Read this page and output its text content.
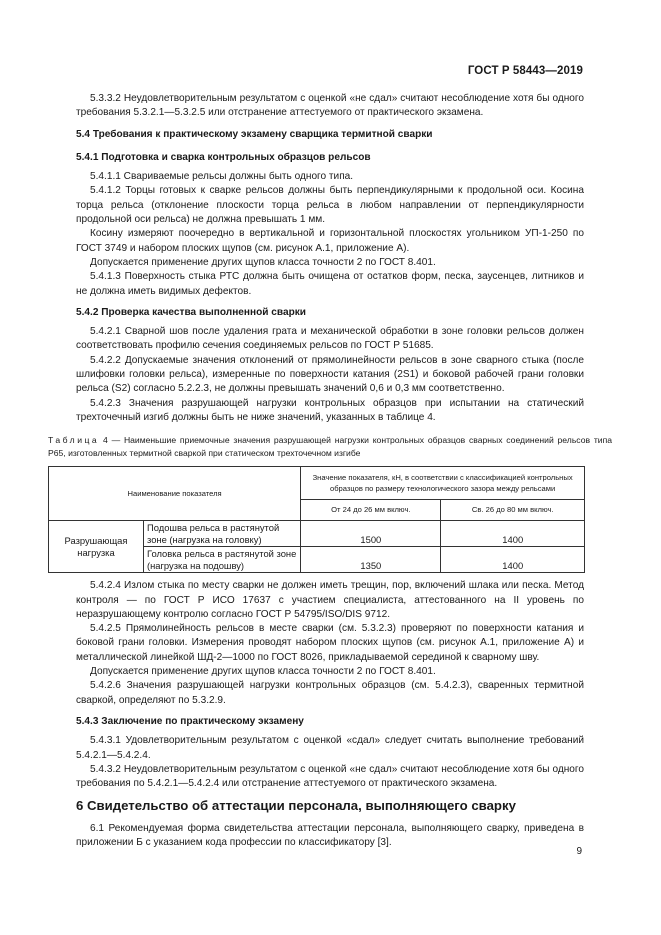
ГОСТ Р 58443—2019

5.3.3.2 Неудовлетворительным результатом с оценкой «не сдал» считают несоблюдение хотя бы одного требования 5.3.2.1—5.3.2.5 или отстранение аттестуемого от практического экзамена.

5.4 Требования к практическому экзамену сварщика термитной сварки
5.4.1 Подготовка и сварка контрольных образцов рельсов

5.4.1.1 Свариваемые рельсы должны быть одного типа.

5.4.1.2 Торцы готовых к сварке рельсов должны быть перпендикулярными к продольной оси. Косина торца рельса (отклонение плоскости торца рельса в любом направлении от перпендикулярности продольной оси рельса) не должна превышать 1 мм.

Косину измеряют поочередно в вертикальной и горизонтальной плоскостях угольником УП-1-250 по ГОСТ 3749 и набором плоских щупов (см. рисунок А.1, приложение А).

Допускается применение других щупов класса точности 2 по ГОСТ 8.401.

5.4.1.3 Поверхность стыка РТС должна быть очищена от остатков форм, песка, заусенцев, литников и не должна иметь видимых дефектов.

5.4.2 Проверка качества выполненной сварки

5.4.2.1 Сварной шов после удаления грата и механической обработки в зоне головки рельсов должен соответствовать профилю сечения соединяемых рельсов по ГОСТ Р 51685.

5.4.2.2 Допускаемые значения отклонений от прямолинейности рельсов в зоне сварного стыка (после шлифовки головки рельса), измеренные по поверхности катания (2S1) и боковой рабочей грани головки рельса (S2) согласно 5.2.2.3, не должны превышать значений 0,6 и 0,3 мм соответственно.

5.4.2.3 Значения разрушающей нагрузки контрольных образцов при испытании на статический трехточечный изгиб должны быть не ниже значений, указанных в таблице 4.

Таблица 4 — Наименьшие приемочные значения разрушающей нагрузки контрольных образцов сварных соединений рельсов типа Р65, изготовленных термитной сваркой при статическом трехточечном изгибе
Наименование показателя		Значение показателя, кН, в соответствии с классификацией контрольных образцов по размеру технологического зазора между рельсами	
		От 24 до 26 мм включ.	Св. 26 до 80 мм включ.
Разрушающая нагрузка	Подошва рельса в растянутой зоне (нагрузка на головку)	1500	1400
	Головка рельса в растянутой зоне (нагрузка на подошву)	1350	1400

5.4.2.4 Излом стыка по месту сварки не должен иметь трещин, пор, включений шлака или песка. Метод контроля — по ГОСТ Р ИСО 17637 с участием специалиста, аттестованного на II уровень по неразрушающему контролю согласно ГОСТ Р 54795/ISO/DIS 9712.

5.4.2.5 Прямолинейность рельсов в месте сварки (см. 5.3.2.3) проверяют по поверхности катания и боковой грани головки. Измерения проводят набором плоских щупов (см. рисунок А.1, приложение А) и металлической линейкой ШД-2—1000 по ГОСТ 8026, прикладываемой серединой к сварному шву.

Допускается применение других щупов класса точности 2 по ГОСТ 8.401.

5.4.2.6 Значения разрушающей нагрузки контрольных образцов (см. 5.4.2.3), сваренных термитной сваркой, определяют по 5.3.2.9.

5.4.3 Заключение по практическому экзамену

5.4.3.1 Удовлетворительным результатом с оценкой «сдал» следует считать выполнение требований 5.4.2.1—5.4.2.4.

5.4.3.2 Неудовлетворительным результатом с оценкой «не сдал» считают несоблюдение хотя бы одного требования по 5.4.2.1—5.4.2.4 или отстранение аттестуемого от практического экзамена.

6 Свидетельство об аттестации персонала, выполняющего сварку

6.1 Рекомендуемая форма свидетельства аттестации персонала, выполняющего сварку, приведена в приложении Б с указанием кода профессии по классификатору [3].

9
